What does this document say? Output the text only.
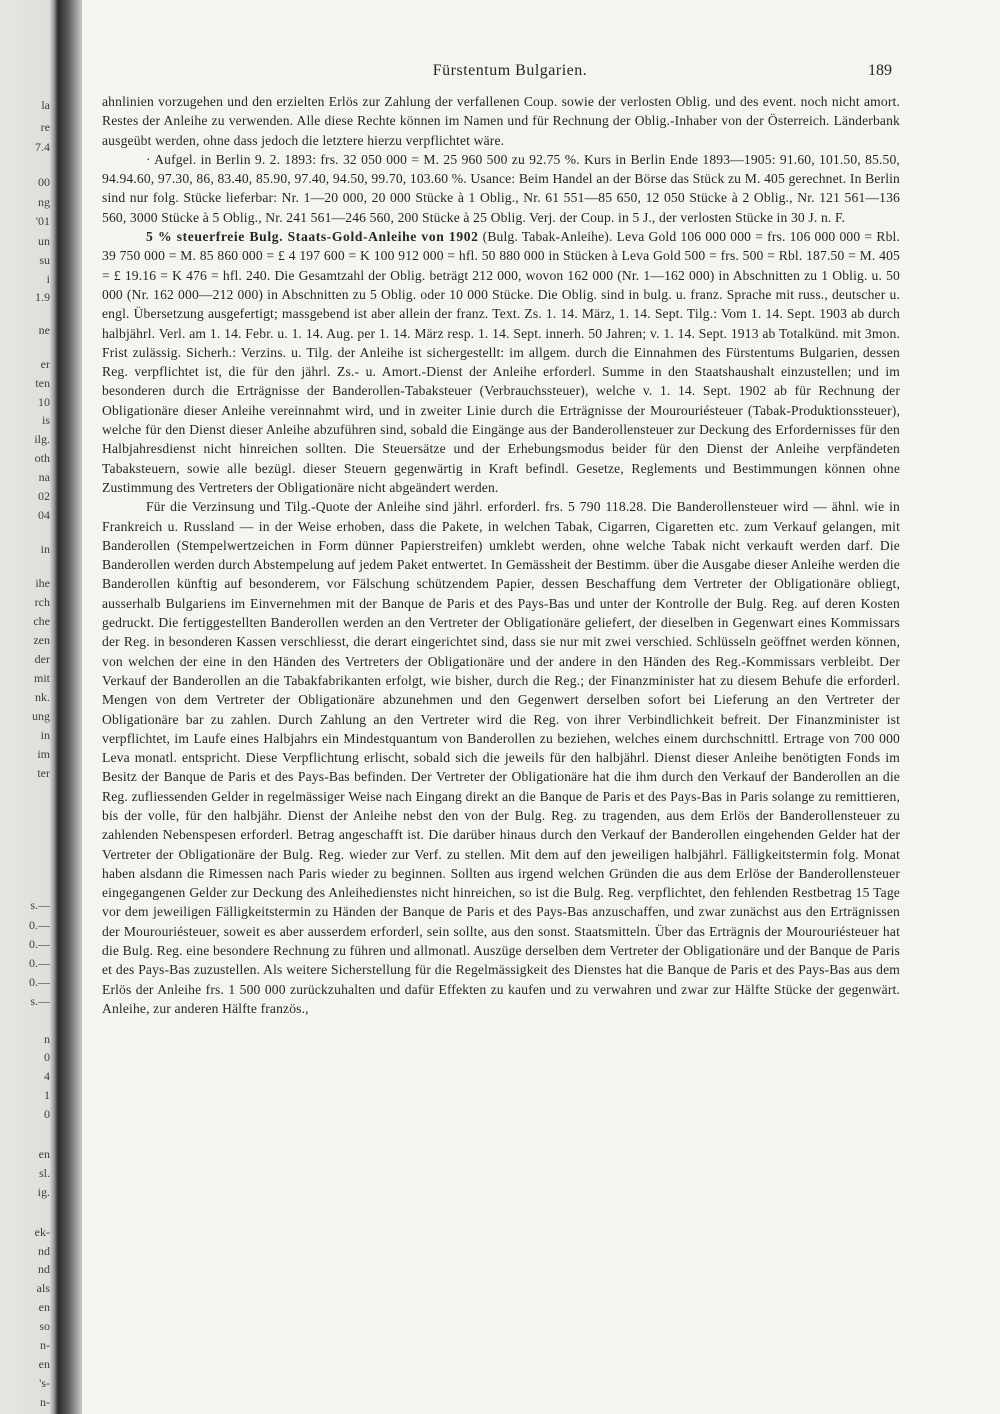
la
re
7.4
00
ng
'01
un
su
i
1.9
ne
er
ten
10
is
ilg.
oth
na
02
04
in
ihe
rch
che
zen
der
mit
nk.
ung
in
im
ter
s.—
0.—
0.—
0.—
0.—
s.—
n
0
4
1
0
en
sl.
ig.
ek-
nd
nd
als
en
so
n-
en
's-
n-
Fürstentum Bulgarien.	189

ahnlinien vorzugehen und den erzielten Erlös zur Zahlung der verfallenen Coup. sowie der verlosten Oblig. und des event. noch nicht amort. Restes der Anleihe zu verwenden. Alle diese Rechte können im Namen und für Rechnung der Oblig.-Inhaber von der Österreich. Länderbank ausgeübt werden, ohne dass jedoch die letztere hierzu verpflichtet wäre.

· Aufgel. in Berlin 9. 2. 1893: frs. 32 050 000 = M. 25 960 500 zu 92.75 %. Kurs in Berlin Ende 1893—1905: 91.60, 101.50, 85.50, 94.94.60, 97.30, 86, 83.40, 85.90, 97.40, 94.50, 99.70, 103.60 %. Usance: Beim Handel an der Börse das Stück zu M. 405 gerechnet. In Berlin sind nur folg. Stücke lieferbar: Nr. 1—20 000, 20 000 Stücke à 1 Oblig., Nr. 61 551—85 650, 12 050 Stücke à 2 Oblig., Nr. 121 561—136 560, 3000 Stücke à 5 Oblig., Nr. 241 561—246 560, 200 Stücke à 25 Oblig. Verj. der Coup. in 5 J., der verlosten Stücke in 30 J. n. F.

5 % steuerfreie Bulg. Staats-Gold-Anleihe von 1902 (Bulg. Tabak-Anleihe). Leva Gold 106 000 000 = frs. 106 000 000 = Rbl. 39 750 000 = M. 85 860 000 = £ 4 197 600 = K 100 912 000 = hfl. 50 880 000 in Stücken à Leva Gold 500 = frs. 500 = Rbl. 187.50 = M. 405 = £ 19.16 = K 476 = hfl. 240. Die Gesamtzahl der Oblig. beträgt 212 000, wovon 162 000 (Nr. 1—162 000) in Abschnitten zu 1 Oblig. u. 50 000 (Nr. 162 000—212 000) in Abschnitten zu 5 Oblig. oder 10 000 Stücke. Die Oblig. sind in bulg. u. franz. Sprache mit russ., deutscher u. engl. Übersetzung ausgefertigt; massgebend ist aber allein der franz. Text. Zs. 1. 14. März, 1. 14. Sept. Tilg.: Vom 1. 14. Sept. 1903 ab durch halbjährl. Verl. am 1. 14. Febr. u. 1. 14. Aug. per 1. 14. März resp. 1. 14. Sept. innerh. 50 Jahren; v. 1. 14. Sept. 1913 ab Totalkünd. mit 3mon. Frist zulässig. Sicherh.: Verzins. u. Tilg. der Anleihe ist sichergestellt: im allgem. durch die Einnahmen des Fürstentums Bulgarien, dessen Reg. verpflichtet ist, die für den jährl. Zs.- u. Amort.-Dienst der Anleihe erforderl. Summe in den Staatshaushalt einzustellen; und im besonderen durch die Erträgnisse der Banderollen-Tabaksteuer (Verbrauchssteuer), welche v. 1. 14. Sept. 1902 ab für Rechnung der Obligationäre dieser Anleihe vereinnahmt wird, und in zweiter Linie durch die Erträgnisse der Mourouriésteuer (Tabak-Produktionssteuer), welche für den Dienst dieser Anleihe abzuführen sind, sobald die Eingänge aus der Banderollensteuer zur Deckung des Erfordernisses für den Halbjahresdienst nicht hinreichen sollten. Die Steuersätze und der Erhebungsmodus beider für den Dienst der Anleihe verpfändeten Tabaksteuern, sowie alle bezügl. dieser Steuern gegenwärtig in Kraft befindl. Gesetze, Reglements und Bestimmungen können ohne Zustimmung des Vertreters der Obligationäre nicht abgeändert werden.

Für die Verzinsung und Tilg.-Quote der Anleihe sind jährl. erforderl. frs. 5 790 118.28. Die Banderollensteuer wird — ähnl. wie in Frankreich u. Russland — in der Weise erhoben, dass die Pakete, in welchen Tabak, Cigarren, Cigaretten etc. zum Verkauf gelangen, mit Banderollen (Stempelwertzeichen in Form dünner Papierstreifen) umklebt werden, ohne welche Tabak nicht verkauft werden darf. Die Banderollen werden durch Abstempelung auf jedem Paket entwertet. In Gemässheit der Bestimm. über die Ausgabe dieser Anleihe werden die Banderollen künftig auf besonderem, vor Fälschung schützendem Papier, dessen Beschaffung dem Vertreter der Obligationäre obliegt, ausserhalb Bulgariens im Einvernehmen mit der Banque de Paris et des Pays-Bas und unter der Kontrolle der Bulg. Reg. auf deren Kosten gedruckt. Die fertiggestellten Banderollen werden an den Vertreter der Obligationäre geliefert, der dieselben in Gegenwart eines Kommissars der Reg. in besonderen Kassen verschliesst, die derart eingerichtet sind, dass sie nur mit zwei verschied. Schlüsseln geöffnet werden können, von welchen der eine in den Händen des Vertreters der Obligationäre und der andere in den Händen des Reg.-Kommissars verbleibt. Der Verkauf der Banderollen an die Tabakfabrikanten erfolgt, wie bisher, durch die Reg.; der Finanzminister hat zu diesem Behufe die erforderl. Mengen von dem Vertreter der Obligationäre abzunehmen und den Gegenwert derselben sofort bei Lieferung an den Vertreter der Obligationäre bar zu zahlen. Durch Zahlung an den Vertreter wird die Reg. von ihrer Verbindlichkeit befreit. Der Finanzminister ist verpflichtet, im Laufe eines Halbjahrs ein Mindestquantum von Banderollen zu beziehen, welches einem durchschnittl. Ertrage von 700 000 Leva monatl. entspricht. Diese Verpflichtung erlischt, sobald sich die jeweils für den halbjährl. Dienst dieser Anleihe benötigten Fonds im Besitz der Banque de Paris et des Pays-Bas befinden. Der Vertreter der Obligationäre hat die ihm durch den Verkauf der Banderollen an die Reg. zufliessenden Gelder in regelmässiger Weise nach Eingang direkt an die Banque de Paris et des Pays-Bas in Paris solange zu remittieren, bis der volle, für den halbjähr. Dienst der Anleihe nebst den von der Bulg. Reg. zu tragenden, aus dem Erlös der Banderollensteuer zu zahlenden Nebenspesen erforderl. Betrag angeschafft ist. Die darüber hinaus durch den Verkauf der Banderollen eingehenden Gelder hat der Vertreter der Obligationäre der Bulg. Reg. wieder zur Verf. zu stellen. Mit dem auf den jeweiligen halbjährl. Fälligkeitstermin folg. Monat haben alsdann die Rimessen nach Paris wieder zu beginnen. Sollten aus irgend welchen Gründen die aus dem Erlöse der Banderollensteuer eingegangenen Gelder zur Deckung des Anleihedienstes nicht hinreichen, so ist die Bulg. Reg. verpflichtet, den fehlenden Restbetrag 15 Tage vor dem jeweiligen Fälligkeitstermin zu Händen der Banque de Paris et des Pays-Bas anzuschaffen, und zwar zunächst aus den Erträgnissen der Mourouriésteuer, soweit es aber ausserdem erforderl, sein sollte, aus den sonst. Staatsmitteln. Über das Erträgnis der Mourouriésteuer hat die Bulg. Reg. eine besondere Rechnung zu führen und allmonatl. Auszüge derselben dem Vertreter der Obligationäre und der Banque de Paris et des Pays-Bas zuzustellen. Als weitere Sicherstellung für die Regelmässigkeit des Dienstes hat die Banque de Paris et des Pays-Bas aus dem Erlös der Anleihe frs. 1 500 000 zurückzuhalten und dafür Effekten zu kaufen und zu verwahren und zwar zur Hälfte Stücke der gegenwärt. Anleihe, zur anderen Hälfte französ.,
